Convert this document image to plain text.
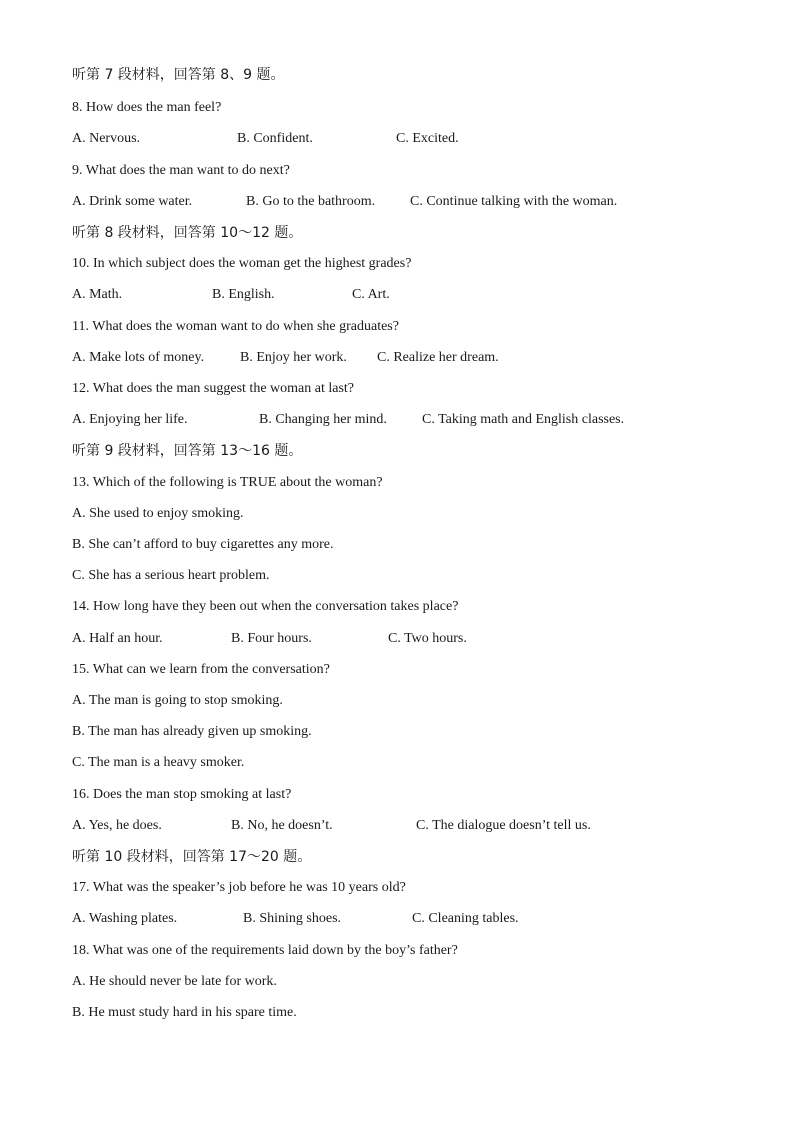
听第 7 段材料，回答第 8、9 题。
8. How does the man feel?
A. Nervous.	B. Confident.	C. Excited.
9. What does the man want to do next?
A. Drink some water.	B. Go to the bathroom. C. Continue talking with the woman.
听第 8 段材料，回答第 10～12 题。
10. In which subject does the woman get the highest grades?
A. Math.	B. English.	C. Art.
11. What does the woman want to do when she graduates?
A. Make lots of money.	B. Enjoy her work. C. Realize her dream.
12. What does the man suggest the woman at last?
A. Enjoying her life.	B. Changing her mind.	C. Taking math and English classes.
听第 9 段材料，回答第 13～16 题。
13. Which of the following is TRUE about the woman?
A. She used to enjoy smoking.
B. She can’t afford to buy cigarettes any more.
C. She has a serious heart problem.
14. How long have they been out when the conversation takes place?
A. Half an hour.	B. Four hours.	C. Two hours.
15. What can we learn from the conversation?
A. The man is going to stop smoking.
B. The man has already given up smoking.
C. The man is a heavy smoker.
16. Does the man stop smoking at last?
A. Yes, he does.	B. No, he doesn’t.	C. The dialogue doesn’t tell us.
听第 10 段材料，回答第 17～20 题。
17. What was the speaker’s job before he was 10 years old?
A. Washing plates.	B. Shining shoes.	C. Cleaning tables.
18. What was one of the requirements laid down by the boy’s father?
A. He should never be late for work.
B. He must study hard in his spare time.
